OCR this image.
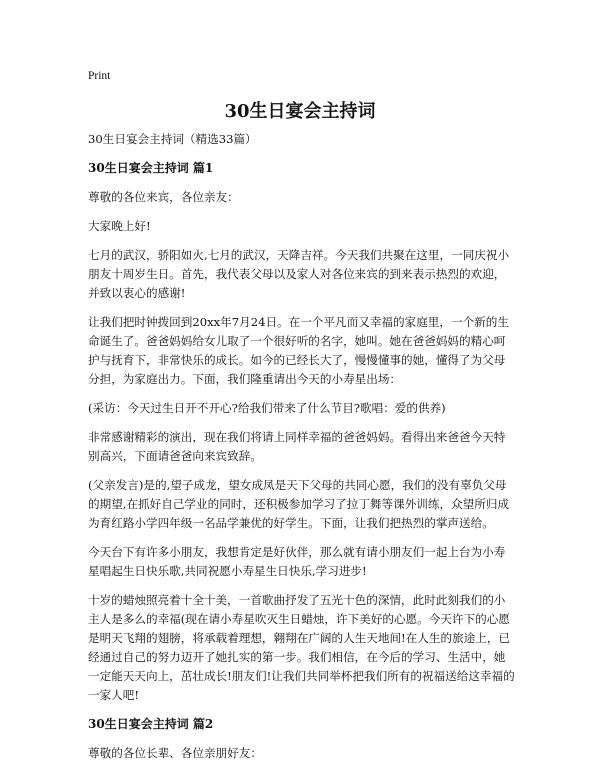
Print
30生日宴会主持词

30生日宴会主持词（精选33篇）

30生日宴会主持词 篇1

尊敬的各位来宾，各位亲友：

大家晚上好!

七月的武汉，骄阳如火,七月的武汉，天降吉祥。今天我们共聚在这里，一同庆祝小朋友十周岁生日。首先，我代表父母以及家人对各位来宾的到来表示热烈的欢迎，并致以衷心的感谢!

让我们把时钟拨回到20xx年7月24日。在一个平凡而又幸福的家庭里，一个新的生命诞生了。爸爸妈妈给女儿取了一个很好听的名字，她叫。她在爸爸妈妈的精心呵护与抚育下，非常快乐的成长。如今的已经长大了，慢慢懂事的她，懂得了为父母分担，为家庭出力。下面，我们隆重请出今天的小寿星出场：

(采访：今天过生日开不开心?给我们带来了什么节目?歌唱：爱的供养)

非常感谢精彩的演出，现在我们将请上同样幸福的爸爸妈妈。看得出来爸爸今天特别高兴，下面请爸爸向来宾致辞。

(父亲发言)是的,望子成龙，望女成凤是天下父母的共同心愿，我们的没有辜负父母的期望,在抓好自己学业的同时，还积极参加学习了拉丁舞等课外训练，众望所归成为育红路小学四年级一名品学兼优的好学生。下面，让我们把热烈的掌声送给。

今天台下有许多小朋友，我想肯定是好伙伴，那么就有请小朋友们一起上台为小寿星唱起生日快乐歌,共同祝愿小寿星生日快乐,学习进步!

十岁的蜡烛照亮着十全十美，一首歌曲抒发了五光十色的深情，此时此刻我们的小主人是多么的幸福(现在请小寿星吹灭生日蜡烛，许下美好的心愿。今天许下的心愿是明天飞翔的翅膀，将承载着理想，翱翔在广阔的人生天地间!在人生的旅途上，已经通过自己的努力迈开了她扎实的第一步。我们相信，在今后的学习、生活中，她一定能天天向上，茁壮成长!朋友们!让我们共同举杯把我们所有的祝福送给这幸福的一家人吧!

30生日宴会主持词 篇2

尊敬的各位长辈、各位亲朋好友：
